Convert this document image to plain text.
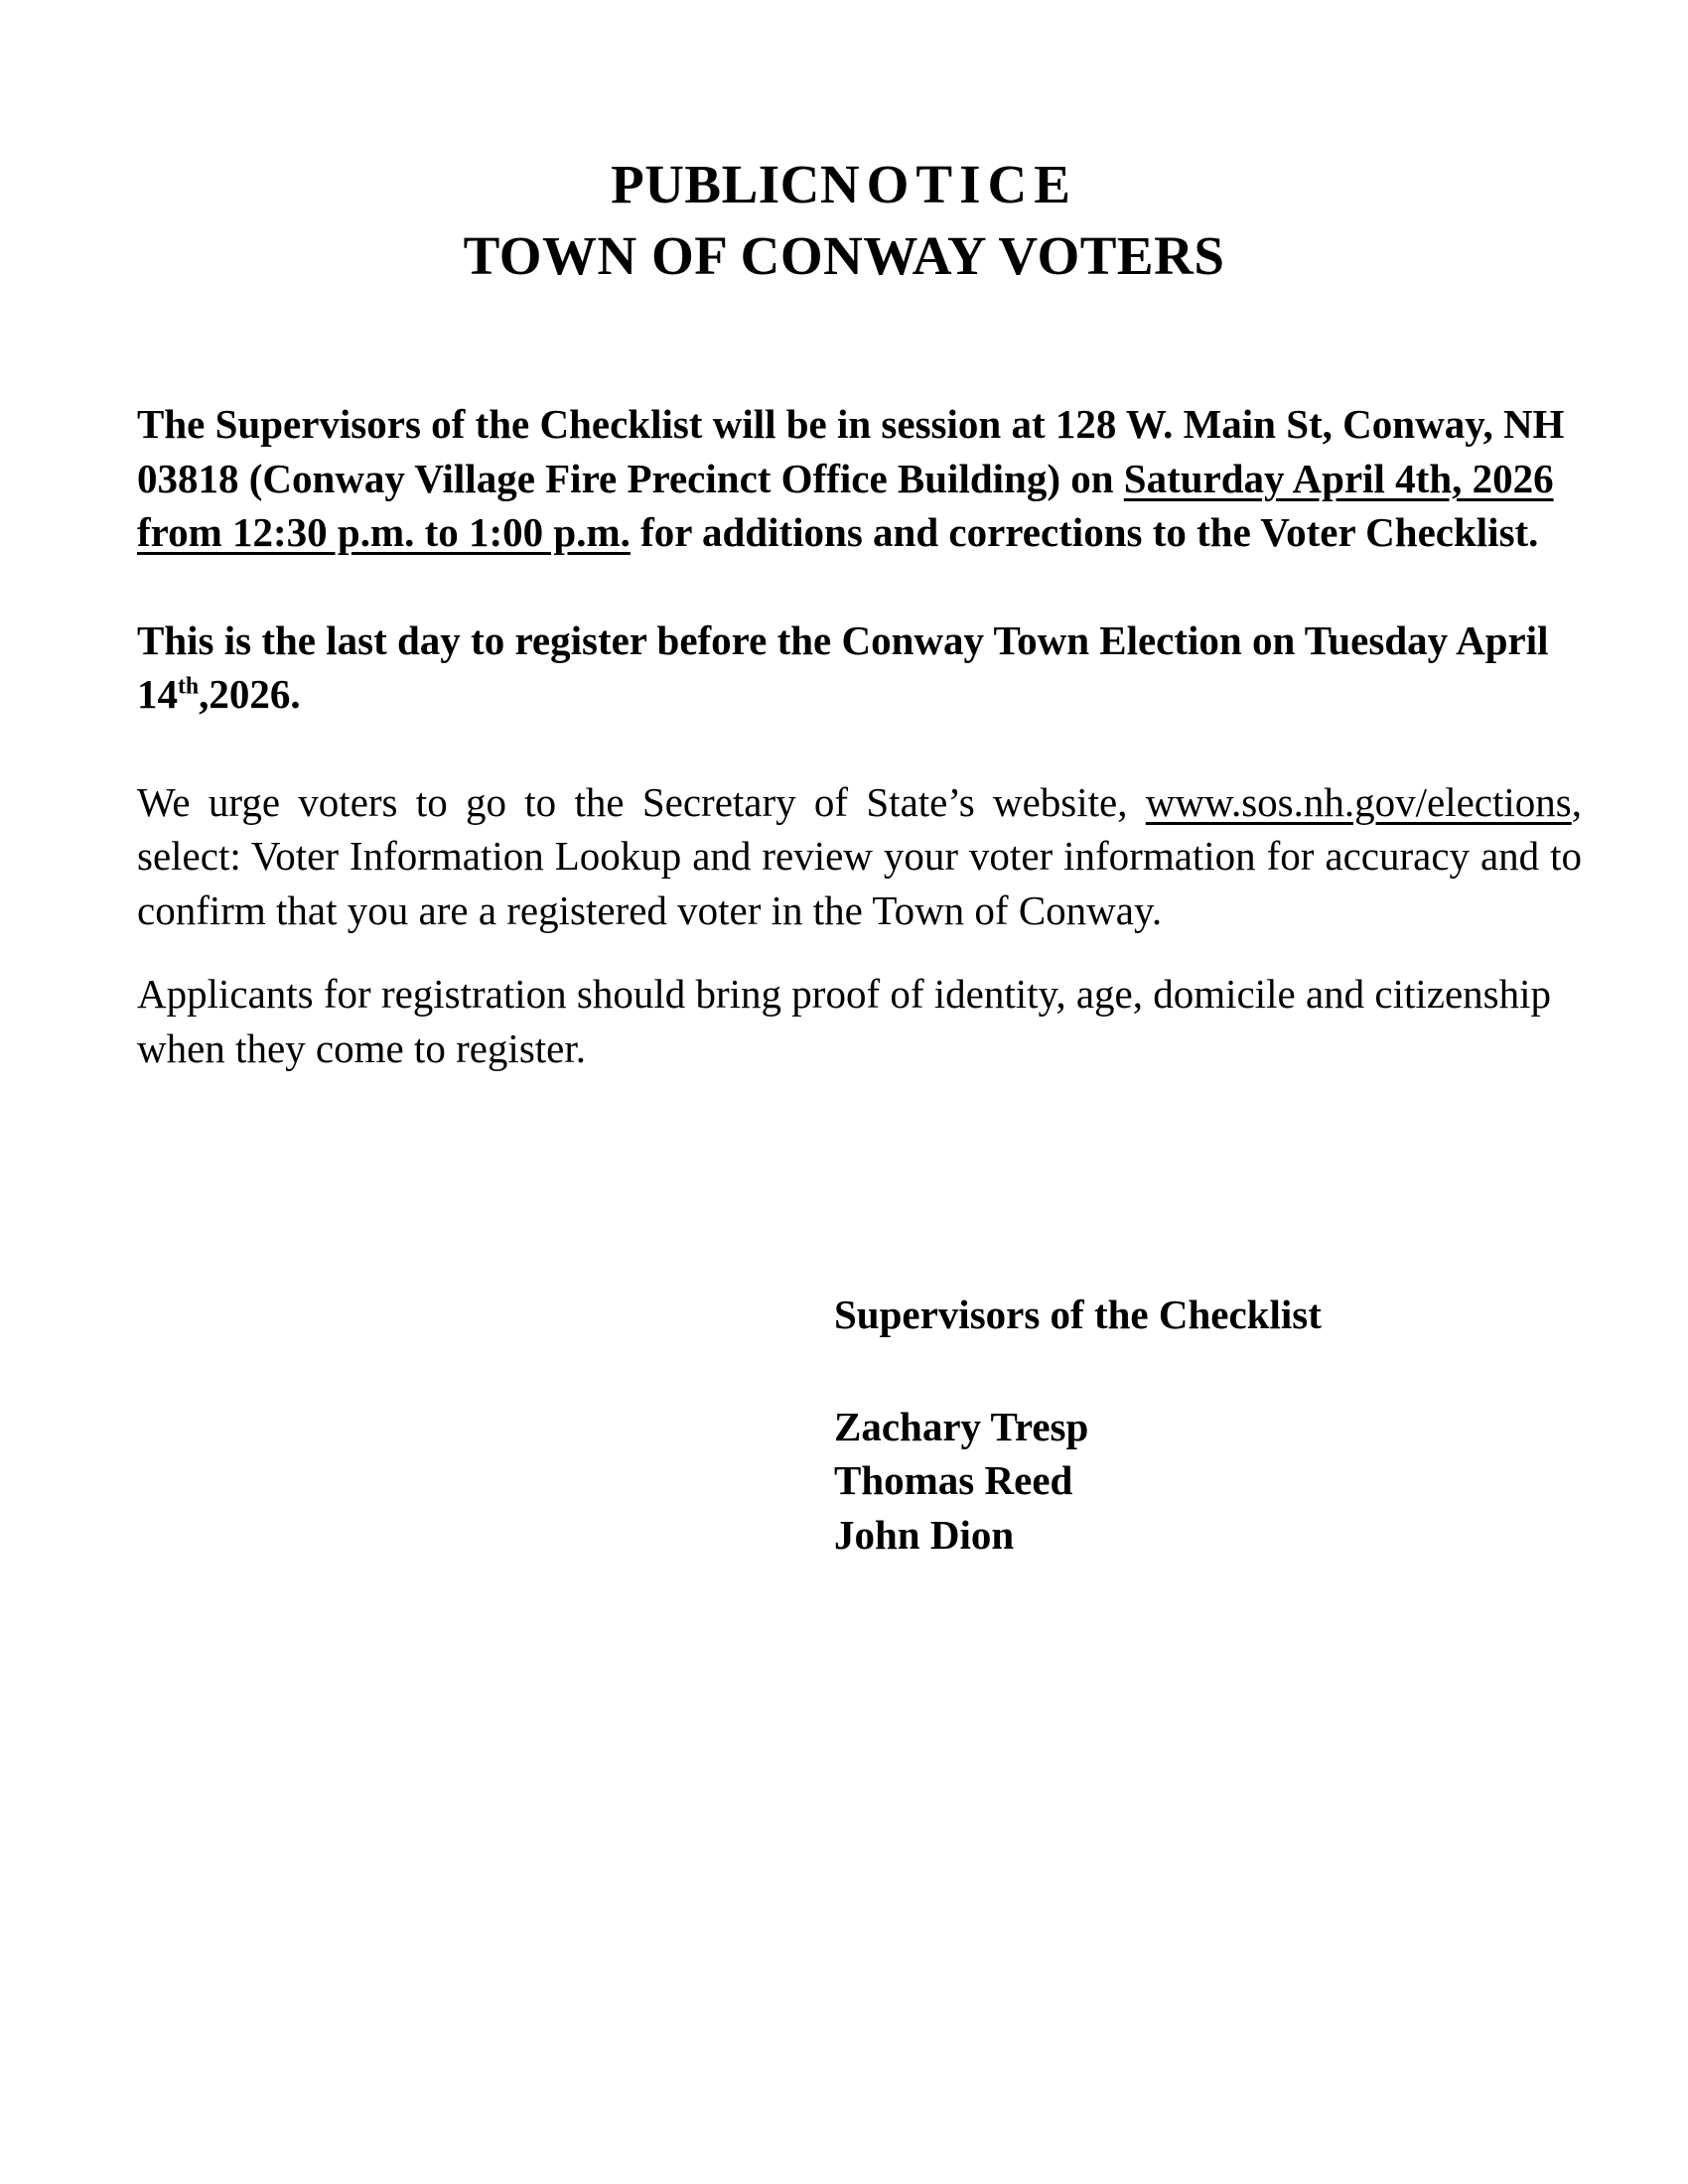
PUBLICNOTICE
TOWN OF CONWAY VOTERS

The Supervisors of the Checklist will be in session at 128 W. Main St, Conway, NH 03818 (Conway Village Fire Precinct Office Building) on Saturday April 4th, 2026 from 12:30 p.m. to 1:00 p.m. for additions and corrections to the Voter Checklist.

This is the last day to register before the Conway Town Election on Tuesday April 14th,2026.

We urge voters to go to the Secretary of State’s website, www.sos.nh.gov/elections, select: Voter Information Lookup and review your voter information for accuracy and to confirm that you are a registered voter in the Town of Conway.

Applicants for registration should bring proof of identity, age, domicile and citizenship when they come to register.

Supervisors of the Checklist

Zachary Tresp

Thomas Reed

John Dion
